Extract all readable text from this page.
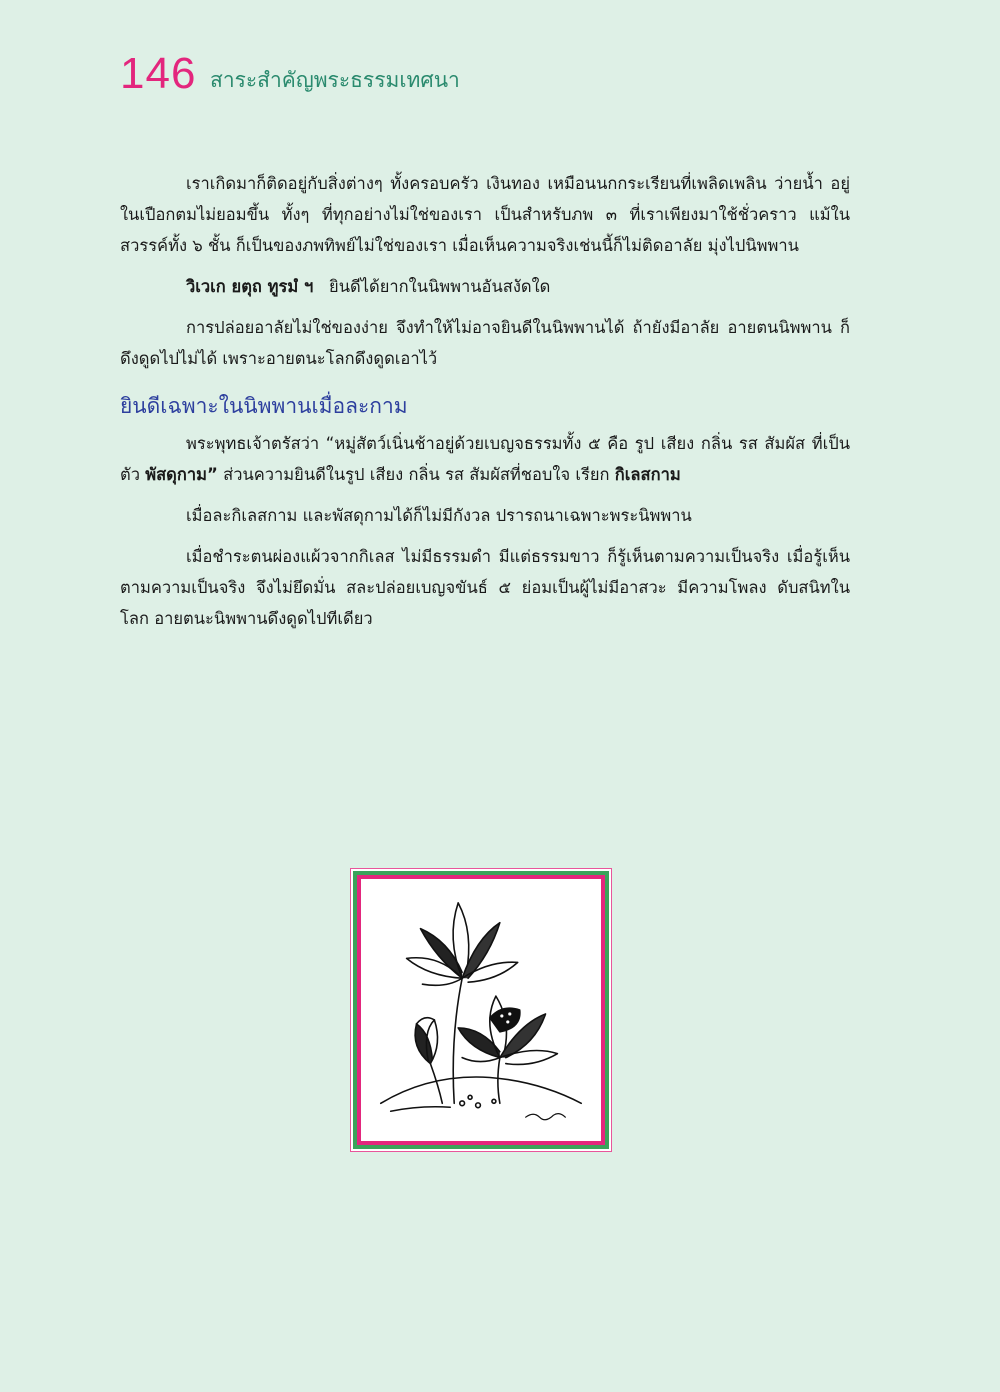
146 สาระสำคัญพระธรรมเทศนา

เราเกิดมาก็ติดอยู่กับสิ่งต่างๆ ทั้งครอบครัว เงินทอง เหมือนนกกระเรียนที่เพลิดเพลิน ว่ายน้ำ อยู่ในเปือกตมไม่ยอมขึ้น ทั้งๆ ที่ทุกอย่างไม่ใช่ของเรา เป็นสำหรับภพ ๓ ที่เราเพียงมาใช้ชั่วคราว แม้ใน สวรรค์ทั้ง ๖ ชั้น ก็เป็นของภพทิพย์ไม่ใช่ของเรา เมื่อเห็นความจริงเช่นนี้ก็ไม่ติดอาลัย มุ่งไปนิพพาน

วิเวเก ยตุถ ทูรมํ ฯ ยินดีได้ยากในนิพพานอันสงัดใด

การปล่อยอาลัยไม่ใช่ของง่าย จึงทำให้ไม่อาจยินดีในนิพพานได้ ถ้ายังมีอาลัย อายตนนิพพาน ก็ดึงดูดไปไม่ได้ เพราะอายตนะโลกดึงดูดเอาไว้

ยินดีเฉพาะในนิพพานเมื่อละกาม

พระพุทธเจ้าตรัสว่า “หมู่สัตว์เนิ่นช้าอยู่ด้วยเบญจธรรมทั้ง ๕ คือ รูป เสียง กลิ่น รส สัมผัส ที่เป็นตัว พัสดุกาม” ส่วนความยินดีในรูป เสียง กลิ่น รส สัมผัสที่ชอบใจ เรียก กิเลสกาม

เมื่อละกิเลสกาม และพัสดุกามได้ก็ไม่มีกังวล ปรารถนาเฉพาะพระนิพพาน

เมื่อชำระตนผ่องแผ้วจากกิเลส ไม่มีธรรมดำ มีแต่ธรรมขาว ก็รู้เห็นตามความเป็นจริง เมื่อรู้เห็น ตามความเป็นจริง จึงไม่ยึดมั่น สละปล่อยเบญจขันธ์ ๕ ย่อมเป็นผู้ไม่มีอาสวะ มีความโพลง ดับสนิทใน โลก อายตนะนิพพานดึงดูดไปทีเดียว
